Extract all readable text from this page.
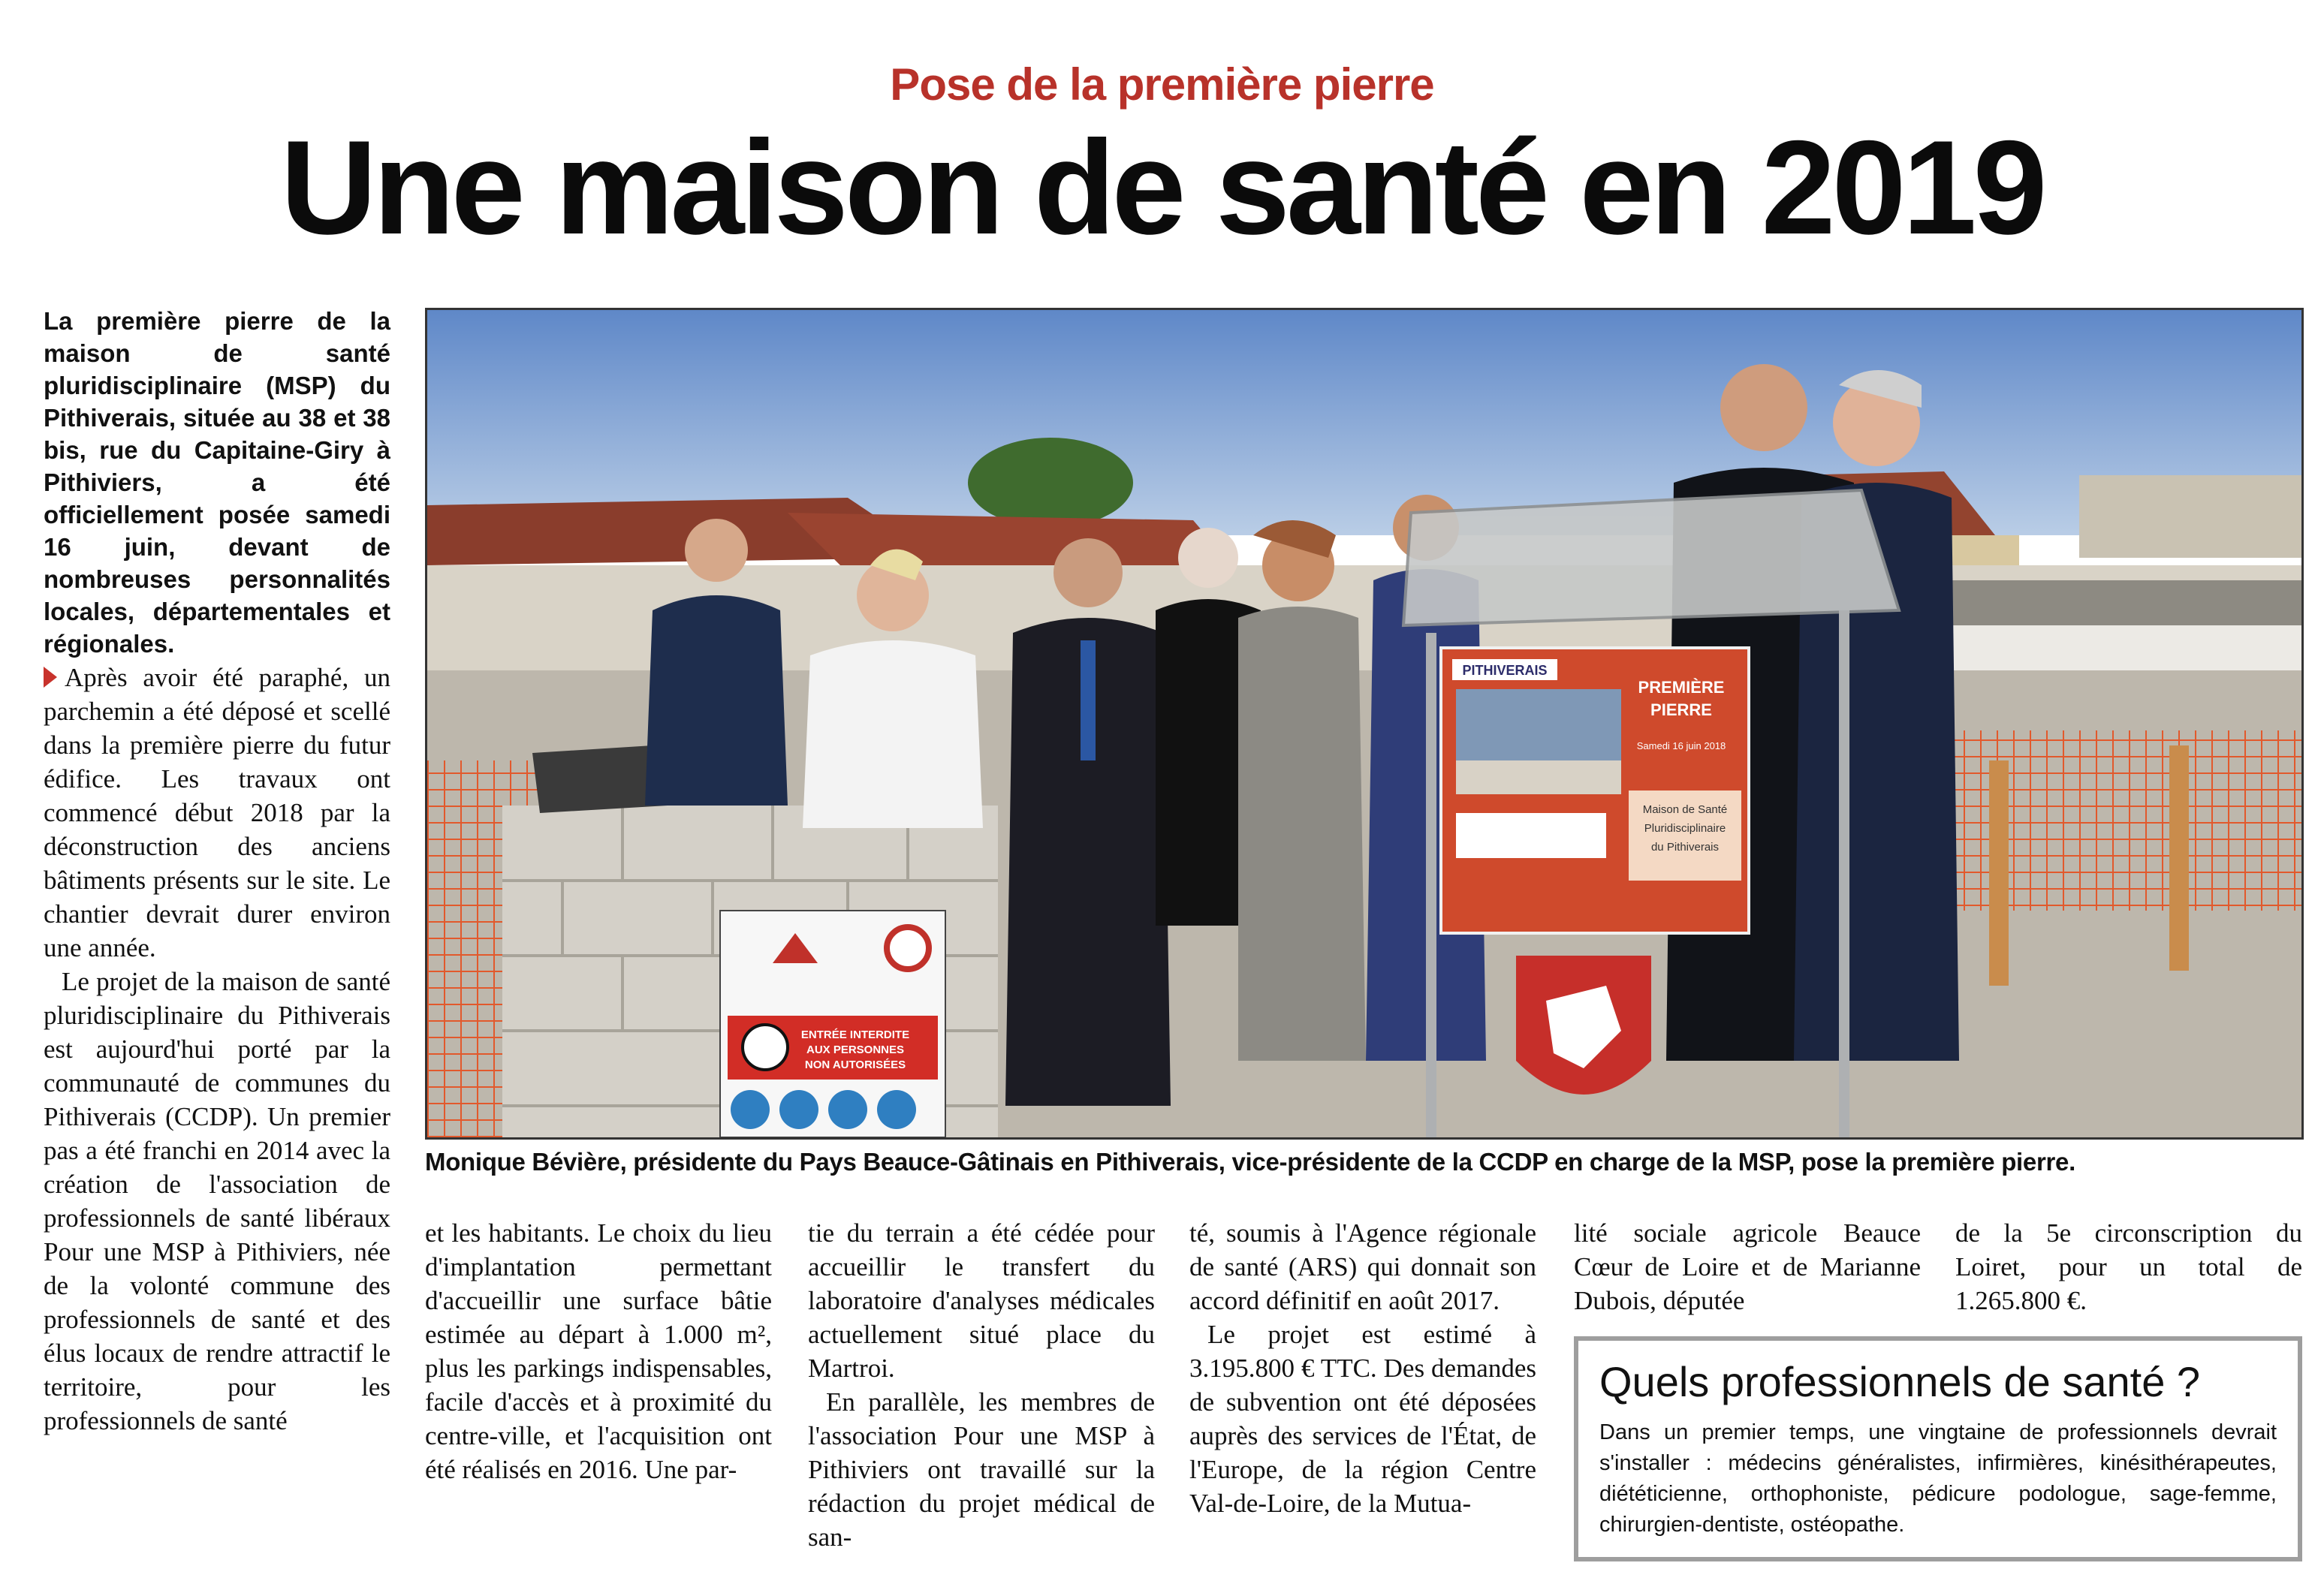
Pose de la première pierre
Une maison de santé en 2019
La première pierre de la maison de santé pluridisciplinaire (MSP) du Pithiverais, située au 38 et 38 bis, rue du Capitaine-Giry à Pithiviers, a été officiellement posée samedi 16 juin, devant de nombreuses personnalités locales, départementales et régionales.

Après avoir été paraphé, un parchemin a été déposé et scellé dans la première pierre du futur édifice. Les travaux ont commencé début 2018 par la déconstruction des anciens bâtiments présents sur le site. Le chantier devrait durer environ une année.

Le projet de la maison de santé pluridisciplinaire du Pithiverais est aujourd'hui porté par la communauté de communes du Pithiverais (CCDP). Un premier pas a été franchi en 2014 avec la création de l'association de professionnels de santé libéraux Pour une MSP à Pithiviers, née de la volonté commune des professionnels de santé et des élus locaux de rendre attractif le territoire, pour les professionnels de santé

ENTRÉE INTERDITE
AUX PERSONNES
NON AUTORISÉES
PITHIVERAIS
PREMIÈRE
PIERRE
Samedi 16 juin 2018
Maison de Santé
Pluridisciplinaire
du Pithiverais
Monique Bévière, présidente du Pays Beauce-Gâtinais en Pithiverais, vice-présidente de la CCDP en charge de la MSP, pose la première pierre.

et les habitants. Le choix du lieu d'implantation permettant d'accueillir une surface bâtie estimée au départ à 1.000 m², plus les parkings indispensables, facile d'accès et à proximité du centre-ville, et l'acquisition ont été réalisés en 2016. Une par-

tie du terrain a été cédée pour accueillir le transfert du laboratoire d'analyses médicales actuellement situé place du Martroi.

En parallèle, les membres de l'association Pour une MSP à Pithiviers ont travaillé sur la rédaction du projet médical de san-

té, soumis à l'Agence régionale de santé (ARS) qui donnait son accord définitif en août 2017.

Le projet est estimé à 3.195.800 € TTC. Des demandes de subvention ont été déposées auprès des services de l'État, de l'Europe, de la région Centre Val-de-Loire, de la Mutua-

lité sociale agricole Beauce Cœur de Loire et de Marianne Dubois, députée

de la 5e circonscription du Loiret, pour un total de 1.265.800 €.

Quels professionnels de santé ?
Dans un premier temps, une vingtaine de professionnels devrait s'installer : médecins généralistes, infirmières, kinésithérapeutes, diététicienne, orthophoniste, pédicure podologue, sage-femme, chirurgien-dentiste, ostéopathe.
